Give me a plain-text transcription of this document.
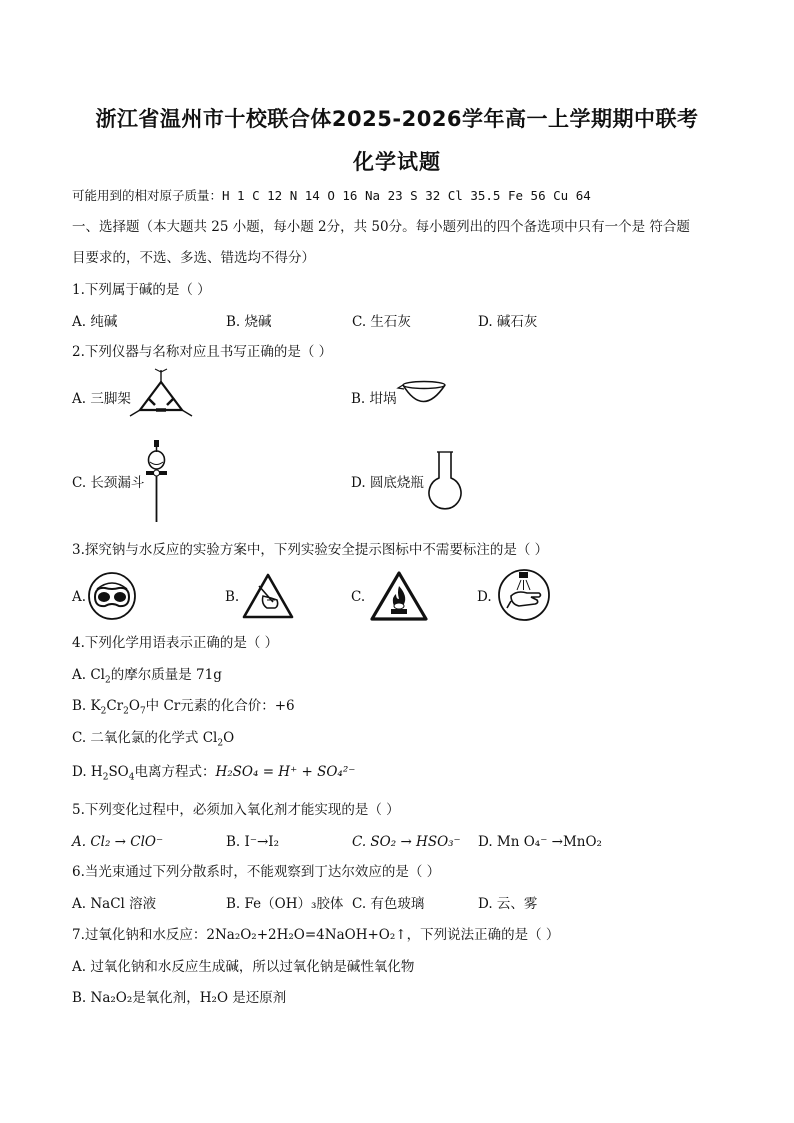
浙江省温州市十校联合体2025-2026学年高一上学期期中联考
化学试题
可能用到的相对原子质量：H 1 C 12 N 14 O 16 Na 23 S 32 Cl 35.5 Fe 56 Cu 64
一、选择题（本大题共 25 小题，每小题 2分，共 50分。每小题列出的四个备选项中只有一个是 符合题
目要求的，不选、多选、错选均不得分）
1.下列属于碱的是（ ）
A. 纯碱	B. 烧碱	C. 生石灰	D. 碱石灰
2.下列仪器与名称对应且书写正确的是（ ）
A. 三脚架	B. 坩埚
C. 长颈漏斗	D. 圆底烧瓶
3.探究钠与水反应的实验方案中，下列实验安全提示图标中不需要标注的是（ ）
A.	B.	C.	D.
4.下列化学用语表示正确的是（ ）
A. $Cl_2$的摩尔质量是 71g
B. $K_2Cr_2O_7$中 Cr元素的化合价：+6
C. 二氧化氯的化学式 $Cl_2O$
D. $H_2SO_4$电离方程式：H₂SO₄ = H⁺ + SO₄²⁻
5.下列变化过程中，必须加入氧化剂才能实现的是（ ）
A. Cl₂ → ClO⁻	B. I⁻→I₂	C. SO₂ → HSO₃⁻ D. Mn O₄⁻ →MnO₂
6.当光束通过下列分散系时，不能观察到丁达尔效应的是（ ）
A. NaCl 溶液	B. Fe（OH）₃胶体 C. 有色玻璃	D. 云、雾
7.过氧化钠和水反应：2Na₂O₂+2H₂O=4NaOH+O₂↑，下列说法正确的是（ ）
A. 过氧化钠和水反应生成碱，所以过氧化钠是碱性氧化物
B. Na₂O₂是氧化剂，H₂O 是还原剂
